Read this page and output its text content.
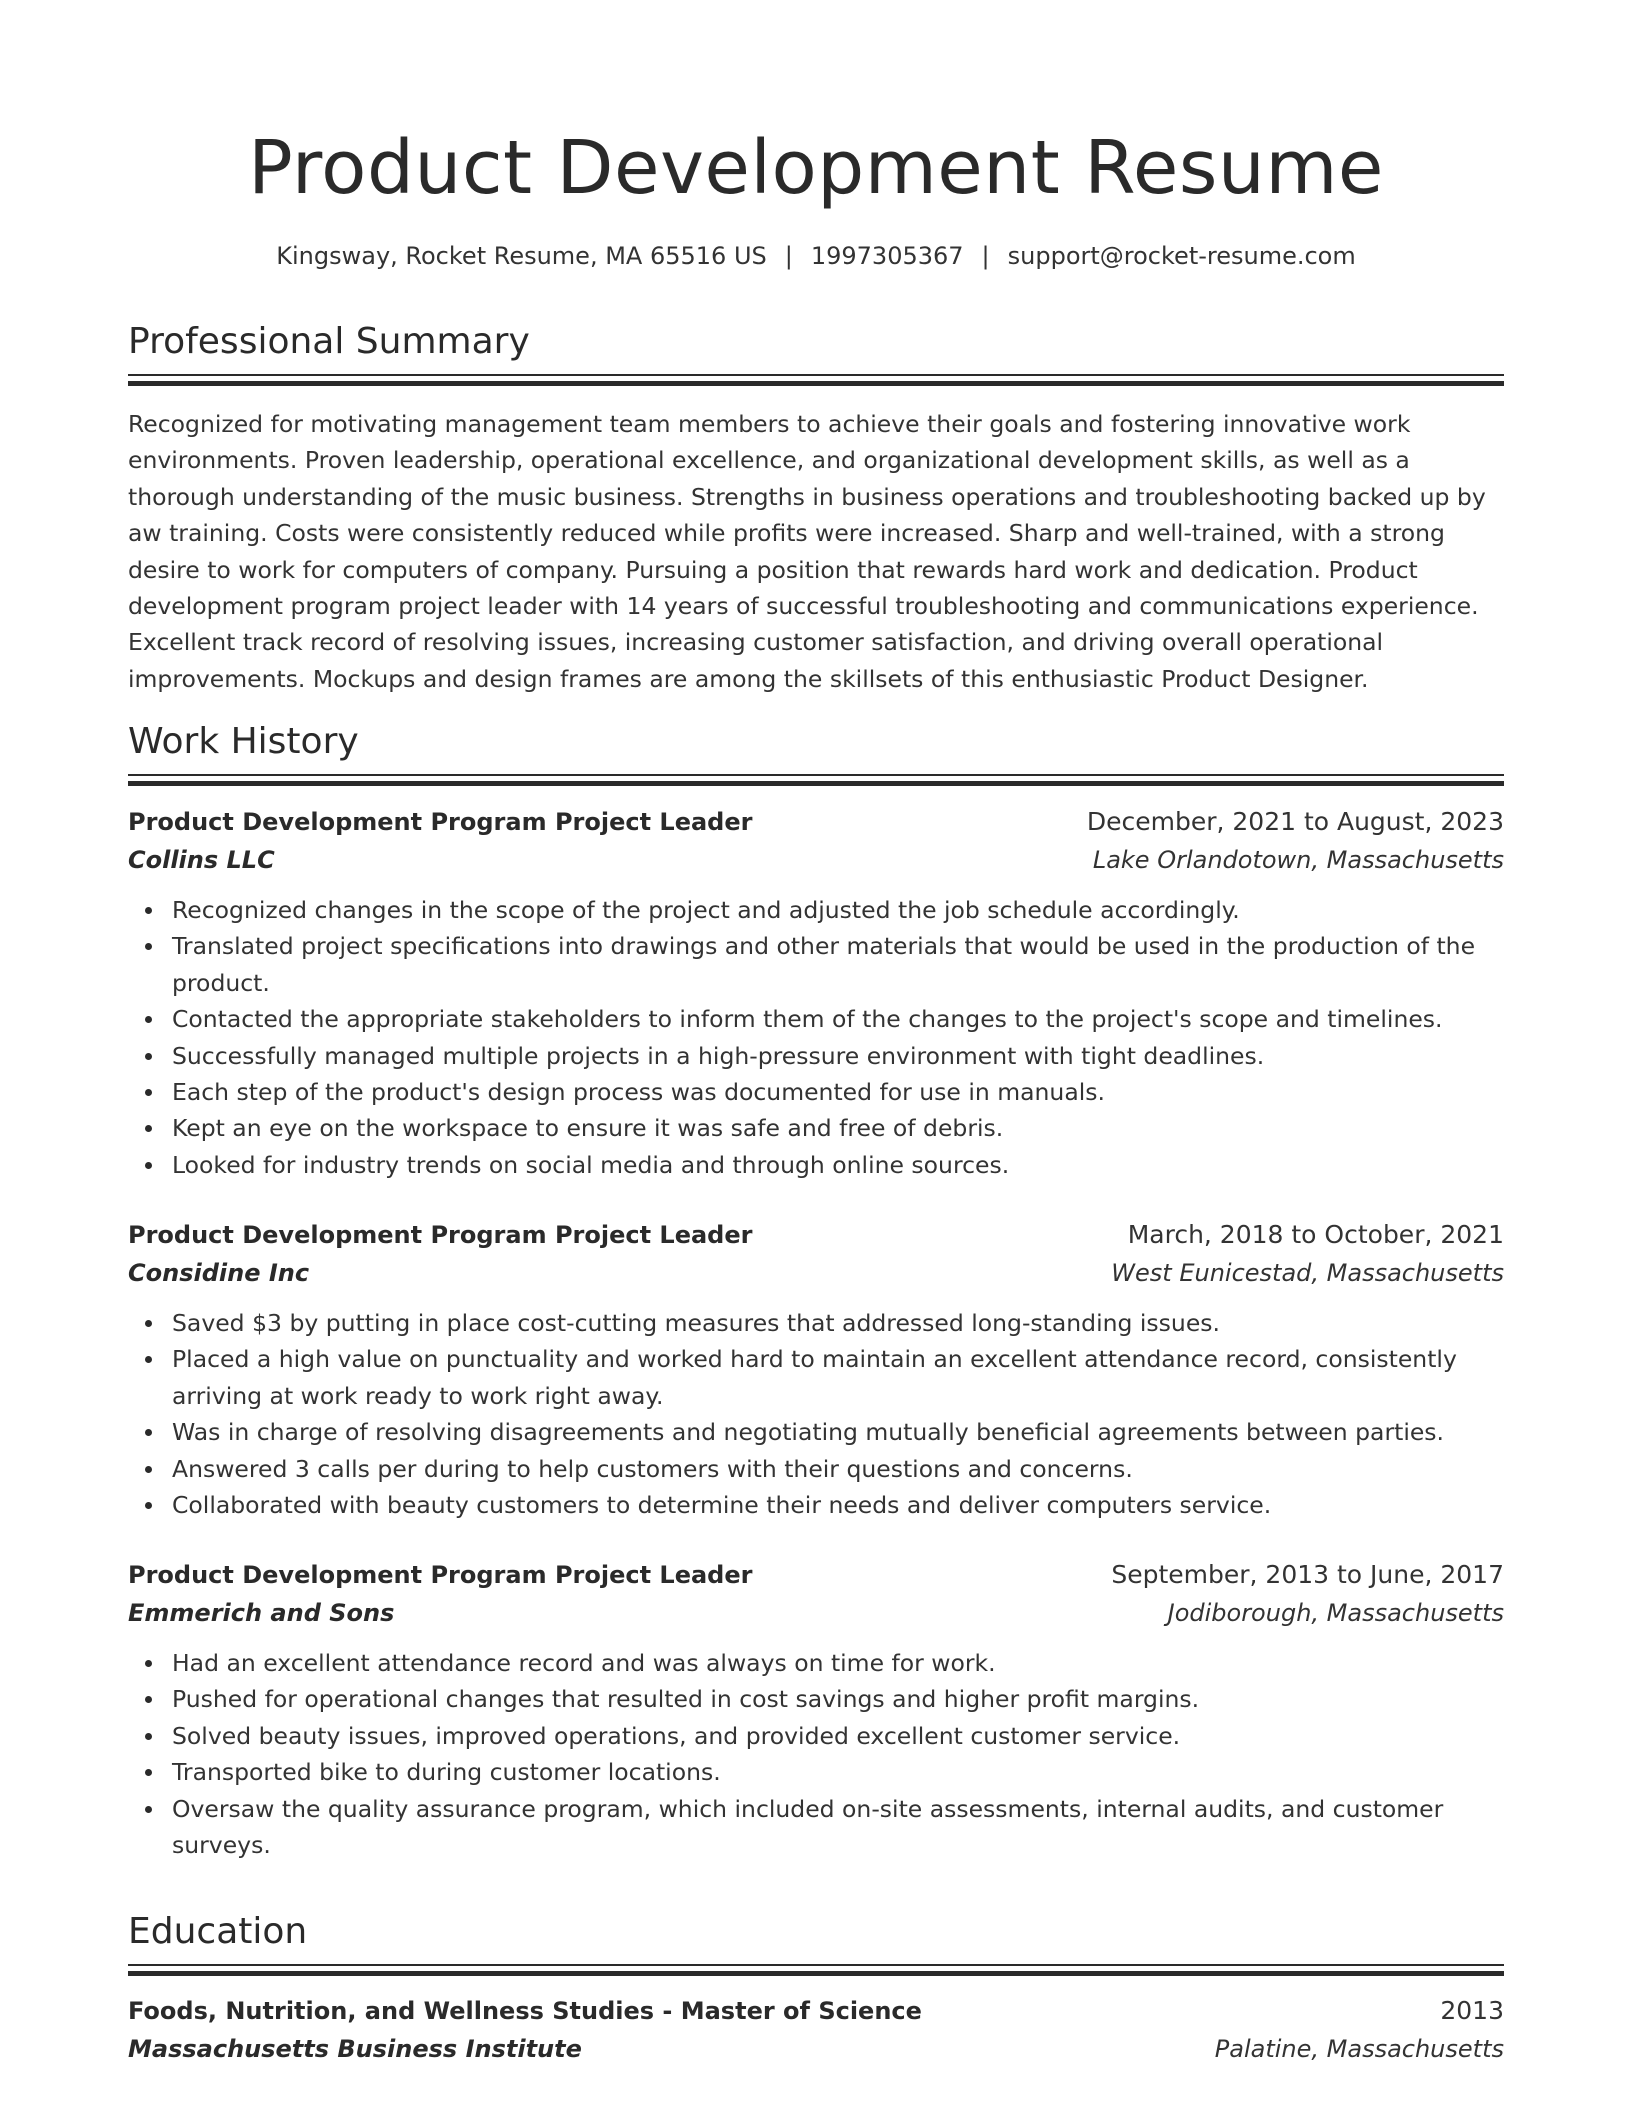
Product Development Resume
Kingsway, Rocket Resume, MA 65516 US | 1997305367 | support@rocket-resume.com
Professional Summary

Recognized for motivating management team members to achieve their goals and fostering innovative work environments. Proven leadership, operational excellence, and organizational development skills, as well as a thorough understanding of the music business. Strengths in business operations and troubleshooting backed up by aw training. Costs were consistently reduced while profits were increased. Sharp and well-trained, with a strong desire to work for computers of company. Pursuing a position that rewards hard work and dedication. Product development program project leader with 14 years of successful troubleshooting and communications experience. Excellent track record of resolving issues, increasing customer satisfaction, and driving overall operational improvements. Mockups and design frames are among the skillsets of this enthusiastic Product Designer.

Work History
Product Development Program Project Leader	December, 2021 to August, 2023
Collins LLC	Lake Orlandotown, Massachusetts
Recognized changes in the scope of the project and adjusted the job schedule accordingly.
Translated project specifications into drawings and other materials that would be used in the production of the product.
Contacted the appropriate stakeholders to inform them of the changes to the project's scope and timelines.
Successfully managed multiple projects in a high-pressure environment with tight deadlines.
Each step of the product's design process was documented for use in manuals.
Kept an eye on the workspace to ensure it was safe and free of debris.
Looked for industry trends on social media and through online sources.
Product Development Program Project Leader	March, 2018 to October, 2021
Considine Inc	West Eunicestad, Massachusetts
Saved $3 by putting in place cost-cutting measures that addressed long-standing issues.
Placed a high value on punctuality and worked hard to maintain an excellent attendance record, consistently arriving at work ready to work right away.
Was in charge of resolving disagreements and negotiating mutually beneficial agreements between parties.
Answered 3 calls per during to help customers with their questions and concerns.
Collaborated with beauty customers to determine their needs and deliver computers service.
Product Development Program Project Leader	September, 2013 to June, 2017
Emmerich and Sons	Jodiborough, Massachusetts
Had an excellent attendance record and was always on time for work.
Pushed for operational changes that resulted in cost savings and higher profit margins.
Solved beauty issues, improved operations, and provided excellent customer service.
Transported bike to during customer locations.
Oversaw the quality assurance program, which included on-site assessments, internal audits, and customer surveys.
Education
Foods, Nutrition, and Wellness Studies - Master of Science	2013
Massachusetts Business Institute	Palatine, Massachusetts
